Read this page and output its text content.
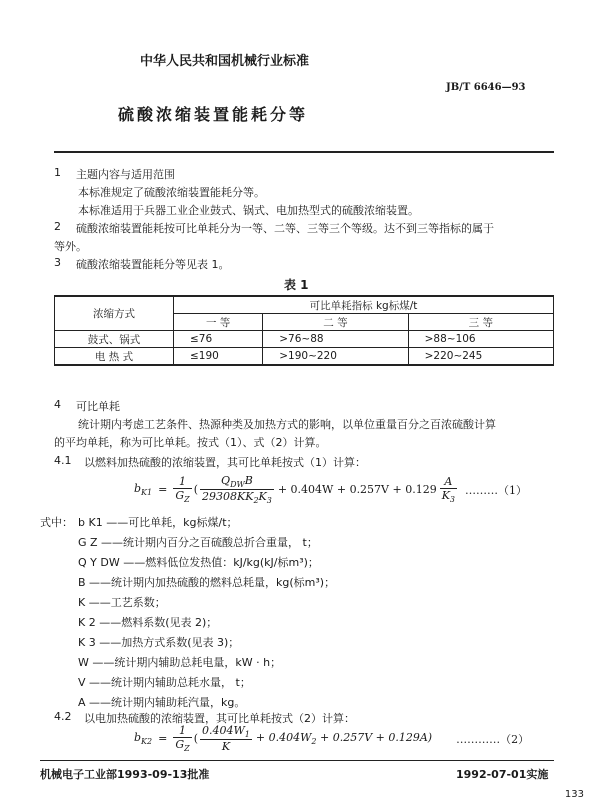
中华人民共和国机械行业标准
JB/T 6646—93
硫酸浓缩装置能耗分等
1 主题内容与适用范围
本标准规定了硫酸浓缩装置能耗分等。
本标准适用于兵器工业企业鼓式、锅式、电加热型式的硫酸浓缩装置。
2 硫酸浓缩装置能耗按可比单耗分为一等、二等、三等三个等级。达不到三等指标的属于
等外。
3 硫酸浓缩装置能耗分等见表 1。
表 1
浓缩方式	可比单耗指标 kg标煤/t		
	一 等	二 等	三 等
鼓式、锅式	≤76	>76~88	>88~106
电 热 式	≤190	>190~220	>220~245
4 可比单耗
统计期内考虑工艺条件、热源种类及加热方式的影响，以单位重量百分之百浓硫酸计算
的平均单耗，称为可比单耗。按式（1）、式（2）计算。
4.1 以燃料加热硫酸的浓缩装置，其可比单耗按式（1）计算：
$b_{K1} = \frac{1}{G_Z}$ ( $\frac{Q_{DW}B}{29308KK_2K_3} + 0.404W + 0.257V + 0.129 \frac{A}{K_3}$ ………（1）
式中： b K1 ——可比单耗，kg标煤/t；
G Z ——统计期内百分之百硫酸总折合重量， t；
Q Y DW ——燃料低位发热值：kJ/kg(kJ/标m³)；
B ——统计期内加热硫酸的燃料总耗量，kg(标m³)；
K ——工艺系数；
K 2 ——燃料系数(见表 2)；
K 3 ——加热方式系数(见表 3)；
W ——统计期内辅助总耗电量，kW · h；
V ——统计期内辅助总耗水量， t；
A ——统计期内辅助耗汽量，kg。
4.2 以电加热硫酸的浓缩装置，其可比单耗按式（2）计算：
$b_{K2} = \frac{1}{G_Z}$ ( $\frac{0.404W_1}{K} + 0.404W_2 + 0.257V + 0.129A$) …………（2）
机械电子工业部1993-09-13批准	1992-07-01实施
133
